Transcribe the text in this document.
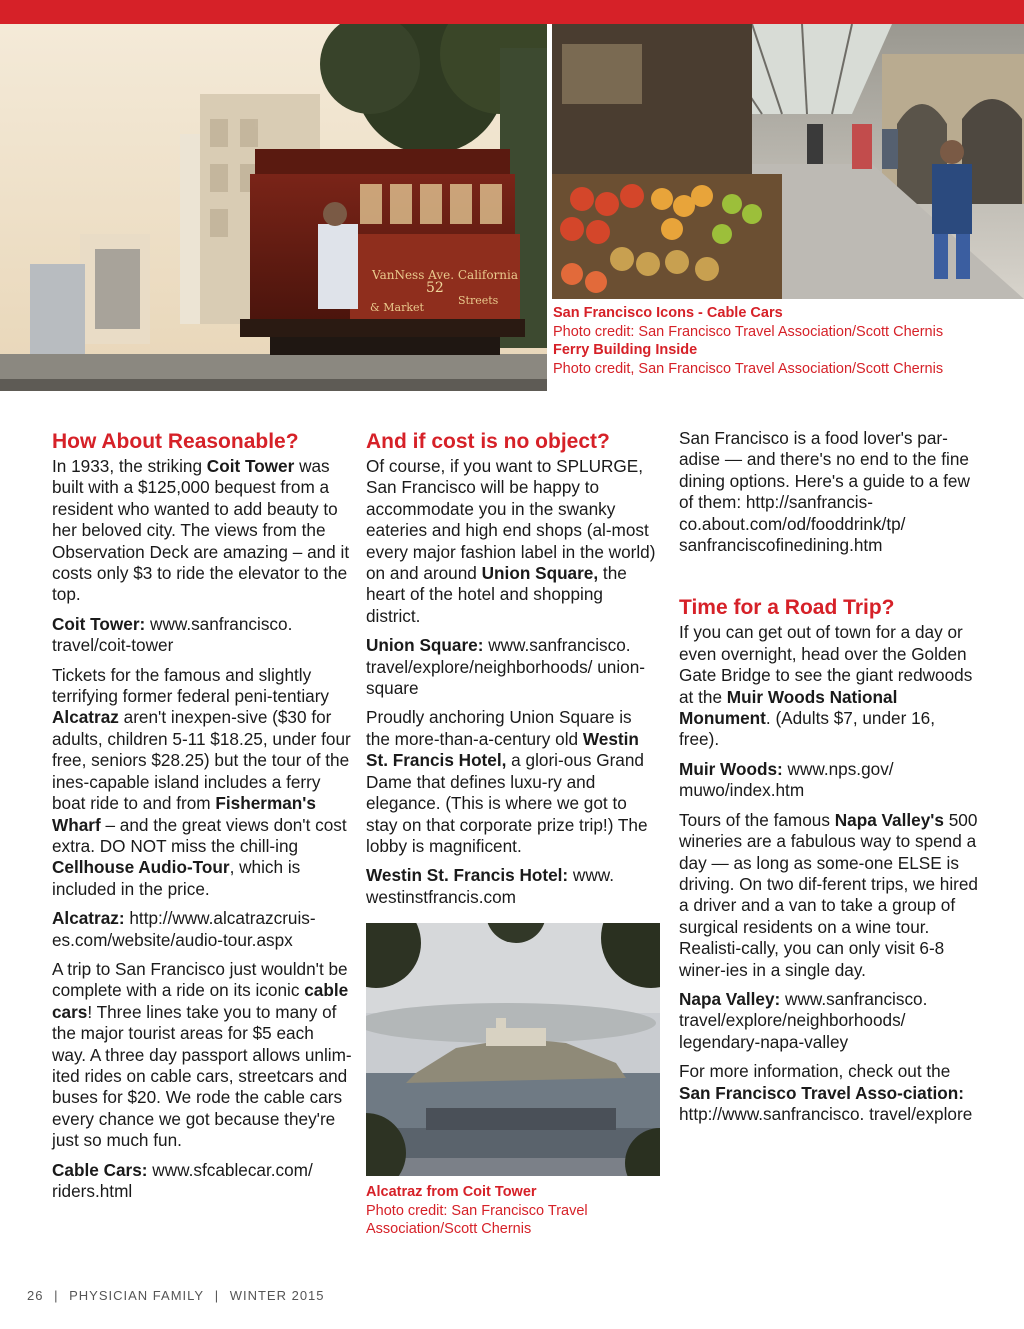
VanNess Ave. California
& Market
Streets
52
San Francisco Icons - Cable Cars
Photo credit: San Francisco Travel Association/Scott Chernis
Ferry Building Inside
Photo credit, San Francisco Travel Association/Scott Chernis
How About Reasonable?

In 1933, the striking Coit Tower was built with a $125,000 bequest from a resident who wanted to add beauty to her beloved city. The views from the Observation Deck are amazing – and it costs only $3 to ride the elevator to the top.

Coit Tower: www.sanfrancisco. travel/coit-tower

Tickets for the famous and slightly terrifying former federal peni-tentiary Alcatraz aren't inexpen-sive ($30 for adults, children 5-11 $18.25, under four free, seniors $28.25) but the tour of the ines-capable island includes a ferry boat ride to and from Fisherman's Wharf – and the great views don't cost extra. DO NOT miss the chill-ing Cellhouse Audio-Tour, which is included in the price.

Alcatraz: http://www.alcatrazcruis-es.com/website/audio-tour.aspx

A trip to San Francisco just wouldn't be complete with a ride on its iconic cable cars! Three lines take you to many of the major tourist areas for $5 each way. A three day passport allows unlim-ited rides on cable cars, streetcars and buses for $20. We rode the cable cars every chance we got because they're just so much fun.

Cable Cars: www.sfcablecar.com/ riders.html

And if cost is no object?

Of course, if you want to SPLURGE, San Francisco will be happy to accommodate you in the swanky eateries and high end shops (al-most every major fashion label in the world) on and around Union Square, the heart of the hotel and shopping district.

Union Square: www.sanfrancisco. travel/explore/neighborhoods/ union-square

Proudly anchoring Union Square is the more-than-a-century old Westin St. Francis Hotel, a glori-ous Grand Dame that defines luxu-ry and elegance. (This is where we got to stay on that corporate prize trip!) The lobby is magnificent.

Westin St. Francis Hotel: www. westinstfrancis.com

Alcatraz from Coit Tower
Photo credit: San Francisco Travel Association/Scott Chernis

San Francisco is a food lover's par-adise — and there's no end to the fine dining options. Here's a guide to a few of them: http://sanfrancis-co.about.com/od/fooddrink/tp/ sanfranciscofinedining.htm

Time for a Road Trip?

If you can get out of town for a day or even overnight, head over the Golden Gate Bridge to see the giant redwoods at the Muir Woods National Monument. (Adults $7, under 16, free).

Muir Woods: www.nps.gov/ muwo/index.htm

Tours of the famous Napa Valley's 500 wineries are a fabulous way to spend a day — as long as some-one ELSE is driving. On two dif-ferent trips, we hired a driver and a van to take a group of surgical residents on a wine tour. Realisti-cally, you can only visit 6-8 winer-ies in a single day.

Napa Valley: www.sanfrancisco. travel/explore/neighborhoods/ legendary-napa-valley

For more information, check out the San Francisco Travel Asso-ciation: http://www.sanfrancisco. travel/explore

26 | PHYSICIAN FAMILY | WINTER 2015
